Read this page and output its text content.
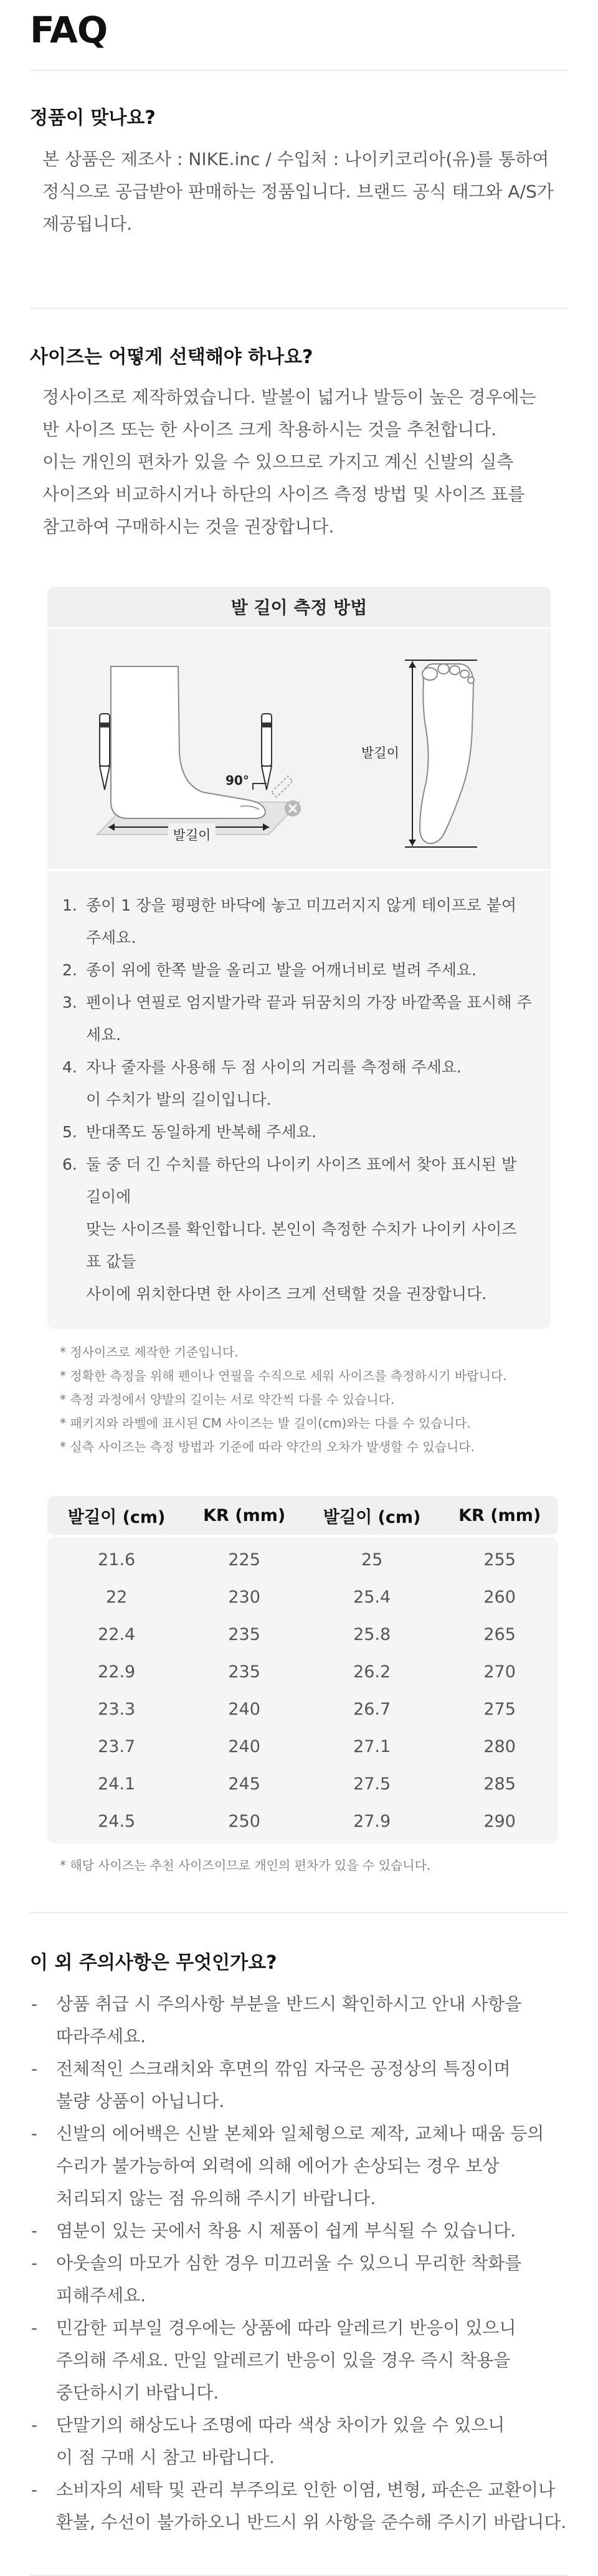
FAQ
정품이 맞나요?

본 상품은 제조사 : NIKE.inc / 수입처 : 나이키코리아(유)를 통하여

정식으로 공급받아 판매하는 정품입니다. 브랜드 공식 태그와 A/S가

제공됩니다.

사이즈는 어떻게 선택해야 하나요?

정사이즈로 제작하였습니다. 발볼이 넓거나 발등이 높은 경우에는

반 사이즈 또는 한 사이즈 크게 착용하시는 것을 추천합니다.

이는 개인의 편차가 있을 수 있으므로 가지고 계신 신발의 실측

사이즈와 비교하시거나 하단의 사이즈 측정 방법 및 사이즈 표를

참고하여 구매하시는 것을 권장합니다.

발 길이 측정 방법
90°
발길이
발길이
1. 종이 1 장을 평평한 바닥에 놓고 미끄러지지 않게 테이프로 붙여 주세요.
2. 종이 위에 한쪽 발을 올리고 발을 어깨너비로 벌려 주세요.
3. 펜이나 연필로 엄지발가락 끝과 뒤꿈치의 가장 바깥쪽을 표시해 주세요.
4. 자나 줄자를 사용해 두 점 사이의 거리를 측정해 주세요.
이 수치가 발의 길이입니다.
5. 반대쪽도 동일하게 반복해 주세요.
6. 둘 중 더 긴 수치를 하단의 나이키 사이즈 표에서 찾아 표시된 발 길이에
맞는 사이즈를 확인합니다. 본인이 측정한 수치가 나이키 사이즈 표 값들
사이에 위치한다면 한 사이즈 크게 선택할 것을 권장합니다.
* 정사이즈로 제작한 기준입니다.
* 정확한 측정을 위해 펜이나 연필을 수직으로 세워 사이즈를 측정하시기 바랍니다.
* 측정 과정에서 양발의 길이는 서로 약간씩 다를 수 있습니다.
* 패키지와 라벨에 표시된 CM 사이즈는 발 길이(cm)와는 다를 수 있습니다.
* 실측 사이즈는 측정 방법과 기준에 따라 약간의 오차가 발생할 수 있습니다.
발길이 (cm)	KR (mm)	발길이 (cm)	KR (mm)
21.6	225	25	255
22	230	25.4	260
22.4	235	25.8	265
22.9	235	26.2	270
23.3	240	26.7	275
23.7	240	27.1	280
24.1	245	27.5	285
24.5	250	27.9	290
* 해당 사이즈는 추천 사이즈이므로 개인의 편차가 있을 수 있습니다.
이 외 주의사항은 무엇인가요?
-	상품 취급 시 주의사항 부분을 반드시 확인하시고 안내 사항을
따라주세요.
-	전체적인 스크래치와 후면의 깎임 자국은 공정상의 특징이며
불량 상품이 아닙니다.
-	신발의 에어백은 신발 본체와 일체형으로 제작, 교체나 때움 등의
수리가 불가능하여 외력에 의해 에어가 손상되는 경우 보상
처리되지 않는 점 유의해 주시기 바랍니다.
-	염분이 있는 곳에서 착용 시 제품이 쉽게 부식될 수 있습니다.
-	아웃솔의 마모가 심한 경우 미끄러울 수 있으니 무리한 착화를
피해주세요.
-	민감한 피부일 경우에는 상품에 따라 알레르기 반응이 있으니
주의해 주세요. 만일 알레르기 반응이 있을 경우 즉시 착용을
중단하시기 바랍니다.
-	단말기의 해상도나 조명에 따라 색상 차이가 있을 수 있으니
이 점 구매 시 참고 바랍니다.
-	소비자의 세탁 및 관리 부주의로 인한 이염, 변형, 파손은 교환이나
환불, 수선이 불가하오니 반드시 위 사항을 준수해 주시기 바랍니다.
